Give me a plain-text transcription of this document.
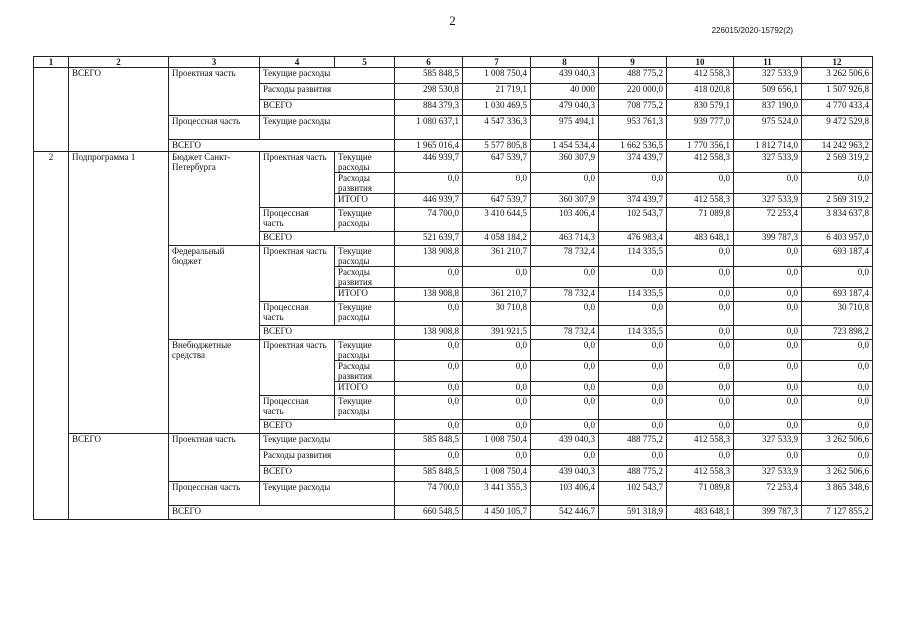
2
226015/2020-15792(2)
1	2	3	4	5	6	7	8	9	10	11	12
	ВСЕГО	Проектная часть	Текущие расходы		585 848,5	1 008 750,4	439 040,3	488 775,2	412 558,3	327 533,9	3 262 506,6
			Расходы развития		298 530,8	21 719,1	40 000	220 000,0	418 020,8	509 656,1	1 507 926,8
			ВСЕГО		884 379,3	1 030 469,5	479 040,3	708 775,2	830 579,1	837 190,0	4 770 433,4
		Процессная часть	Текущие расходы		1 080 637,1	4 547 336,3	975 494,1	953 761,3	939 777,0	975 524,0	9 472 529,8
		ВСЕГО			1 965 016,4	5 577 805,8	1 454 534,4	1 662 536,5	1 770 356,1	1 812 714,0	14 242 963,2
2	Подпрограмма 1	Бюджет Санкт-Петербурга	Проектная часть	Текущие расходы	446 939,7	647 539,7	360 307,9	374 439,7	412 558,3	327 533,9	2 569 319,2
				Расходы развития	0,0	0,0	0,0	0,0	0,0	0,0	0,0
				ИТОГО	446 939,7	647 539,7	360 307,9	374 439,7	412 558,3	327 533,9	2 569 319,2
			Процессная часть	Текущие расходы	74 700,0	3 410 644,5	103 406,4	102 543,7	71 089,8	72 253,4	3 834 637,8
			ВСЕГО		521 639,7	4 058 184,2	463 714,3	476 983,4	483 648,1	399 787,3	6 403 957,0
		Федеральный бюджет	Проектная часть	Текущие расходы	138 908,8	361 210,7	78 732,4	114 335,5	0,0	0,0	693 187,4
				Расходы развития	0,0	0,0	0,0	0,0	0,0	0,0	0,0
				ИТОГО	138 908,8	361 210,7	78 732,4	114 335,5	0,0	0,0	693 187,4
			Процессная часть	Текущие расходы	0,0	30 710,8	0,0	0,0	0,0	0,0	30 710,8
			ВСЕГО		138 908,8	391 921,5	78 732,4	114 335,5	0,0	0,0	723 898,2
		Внебюджетные средства	Проектная часть	Текущие расходы	0,0	0,0	0,0	0,0	0,0	0,0	0,0
				Расходы развития	0,0	0,0	0,0	0,0	0,0	0,0	0,0
				ИТОГО	0,0	0,0	0,0	0,0	0,0	0,0	0,0
			Процессная часть	Текущие расходы	0,0	0,0	0,0	0,0	0,0	0,0	0,0
			ВСЕГО		0,0	0,0	0,0	0,0	0,0	0,0	0,0
	ВСЕГО	Проектная часть	Текущие расходы		585 848,5	1 008 750,4	439 040,3	488 775,2	412 558,3	327 533,9	3 262 506,6
			Расходы развития		0,0	0,0	0,0	0,0	0,0	0,0	0,0
			ВСЕГО		585 848,5	1 008 750,4	439 040,3	488 775,2	412 558,3	327 533,9	3 262 506,6
		Процессная часть	Текущие расходы		74 700,0	3 441 355,3	103 406,4	102 543,7	71 089,8	72 253,4	3 865 348,6
		ВСЕГО			660 548,5	4 450 105,7	542 446,7	591 318,9	483 648,1	399 787,3	7 127 855,2
